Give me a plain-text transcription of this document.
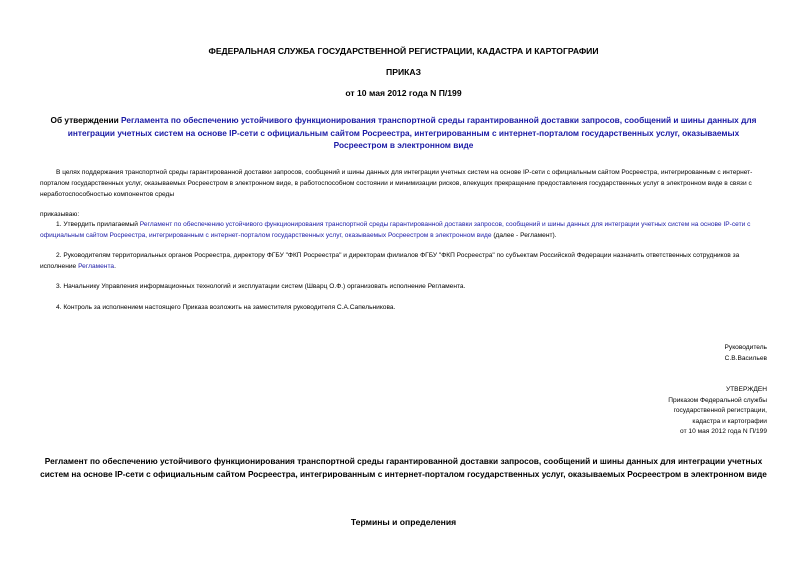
ФЕДЕРАЛЬНАЯ СЛУЖБА ГОСУДАРСТВЕННОЙ РЕГИСТРАЦИИ, КАДАСТРА И КАРТОГРАФИИ
ПРИКАЗ
от 10 мая 2012 года N П/199
Об утверждении Регламента по обеспечению устойчивого функционирования транспортной среды гарантированной доставки запросов, сообщений и шины данных для интеграции учетных систем на основе IP-сети с официальным сайтом Росреестра, интегрированным с интернет-порталом государственных услуг, оказываемых Росреестром в электронном виде
В целях поддержания транспортной среды гарантированной доставки запросов, сообщений и шины данных для интеграции учетных систем на основе IP-сети с официальным сайтом Росреестра, интегрированным с интернет-порталом государственных услуг, оказываемых Росреестром в электронном виде, в работоспособном состоянии и минимизации рисков, влекущих прекращение предоставления государственных услуг в электронном виде в связи с неработоспособностью компонентов среды
приказываю:
1. Утвердить прилагаемый Регламент по обеспечению устойчивого функционирования транспортной среды гарантированной доставки запросов, сообщений и шины данных для интеграции учетных систем на основе IP-сети с официальным сайтом Росреестра, интегрированным с интернет-порталом государственных услуг, оказываемых Росреестром в электронном виде (далее - Регламент).
2. Руководителям территориальных органов Росреестра, директору ФГБУ "ФКП Росреестра" и директорам филиалов ФГБУ "ФКП Росреестра" по субъектам Российской Федерации назначить ответственных сотрудников за исполнение Регламента.
3. Начальнику Управления информационных технологий и эксплуатации систем (Шварц О.Ф.) организовать исполнение Регламента.
4. Контроль за исполнением настоящего Приказа возложить на заместителя руководителя С.А.Сапельникова.
Руководитель
С.В.Васильев
УТВЕРЖДЕН
Приказом Федеральной службы
государственной регистрации,
кадастра и картографии
от 10 мая 2012 года N П/199
Регламент по обеспечению устойчивого функционирования транспортной среды гарантированной доставки запросов, сообщений и шины данных для интеграции учетных систем на основе IP-сети с официальным сайтом Росреестра, интегрированным с интернет-порталом государственных услуг, оказываемых Росреестром в электронном виде
Термины и определения
